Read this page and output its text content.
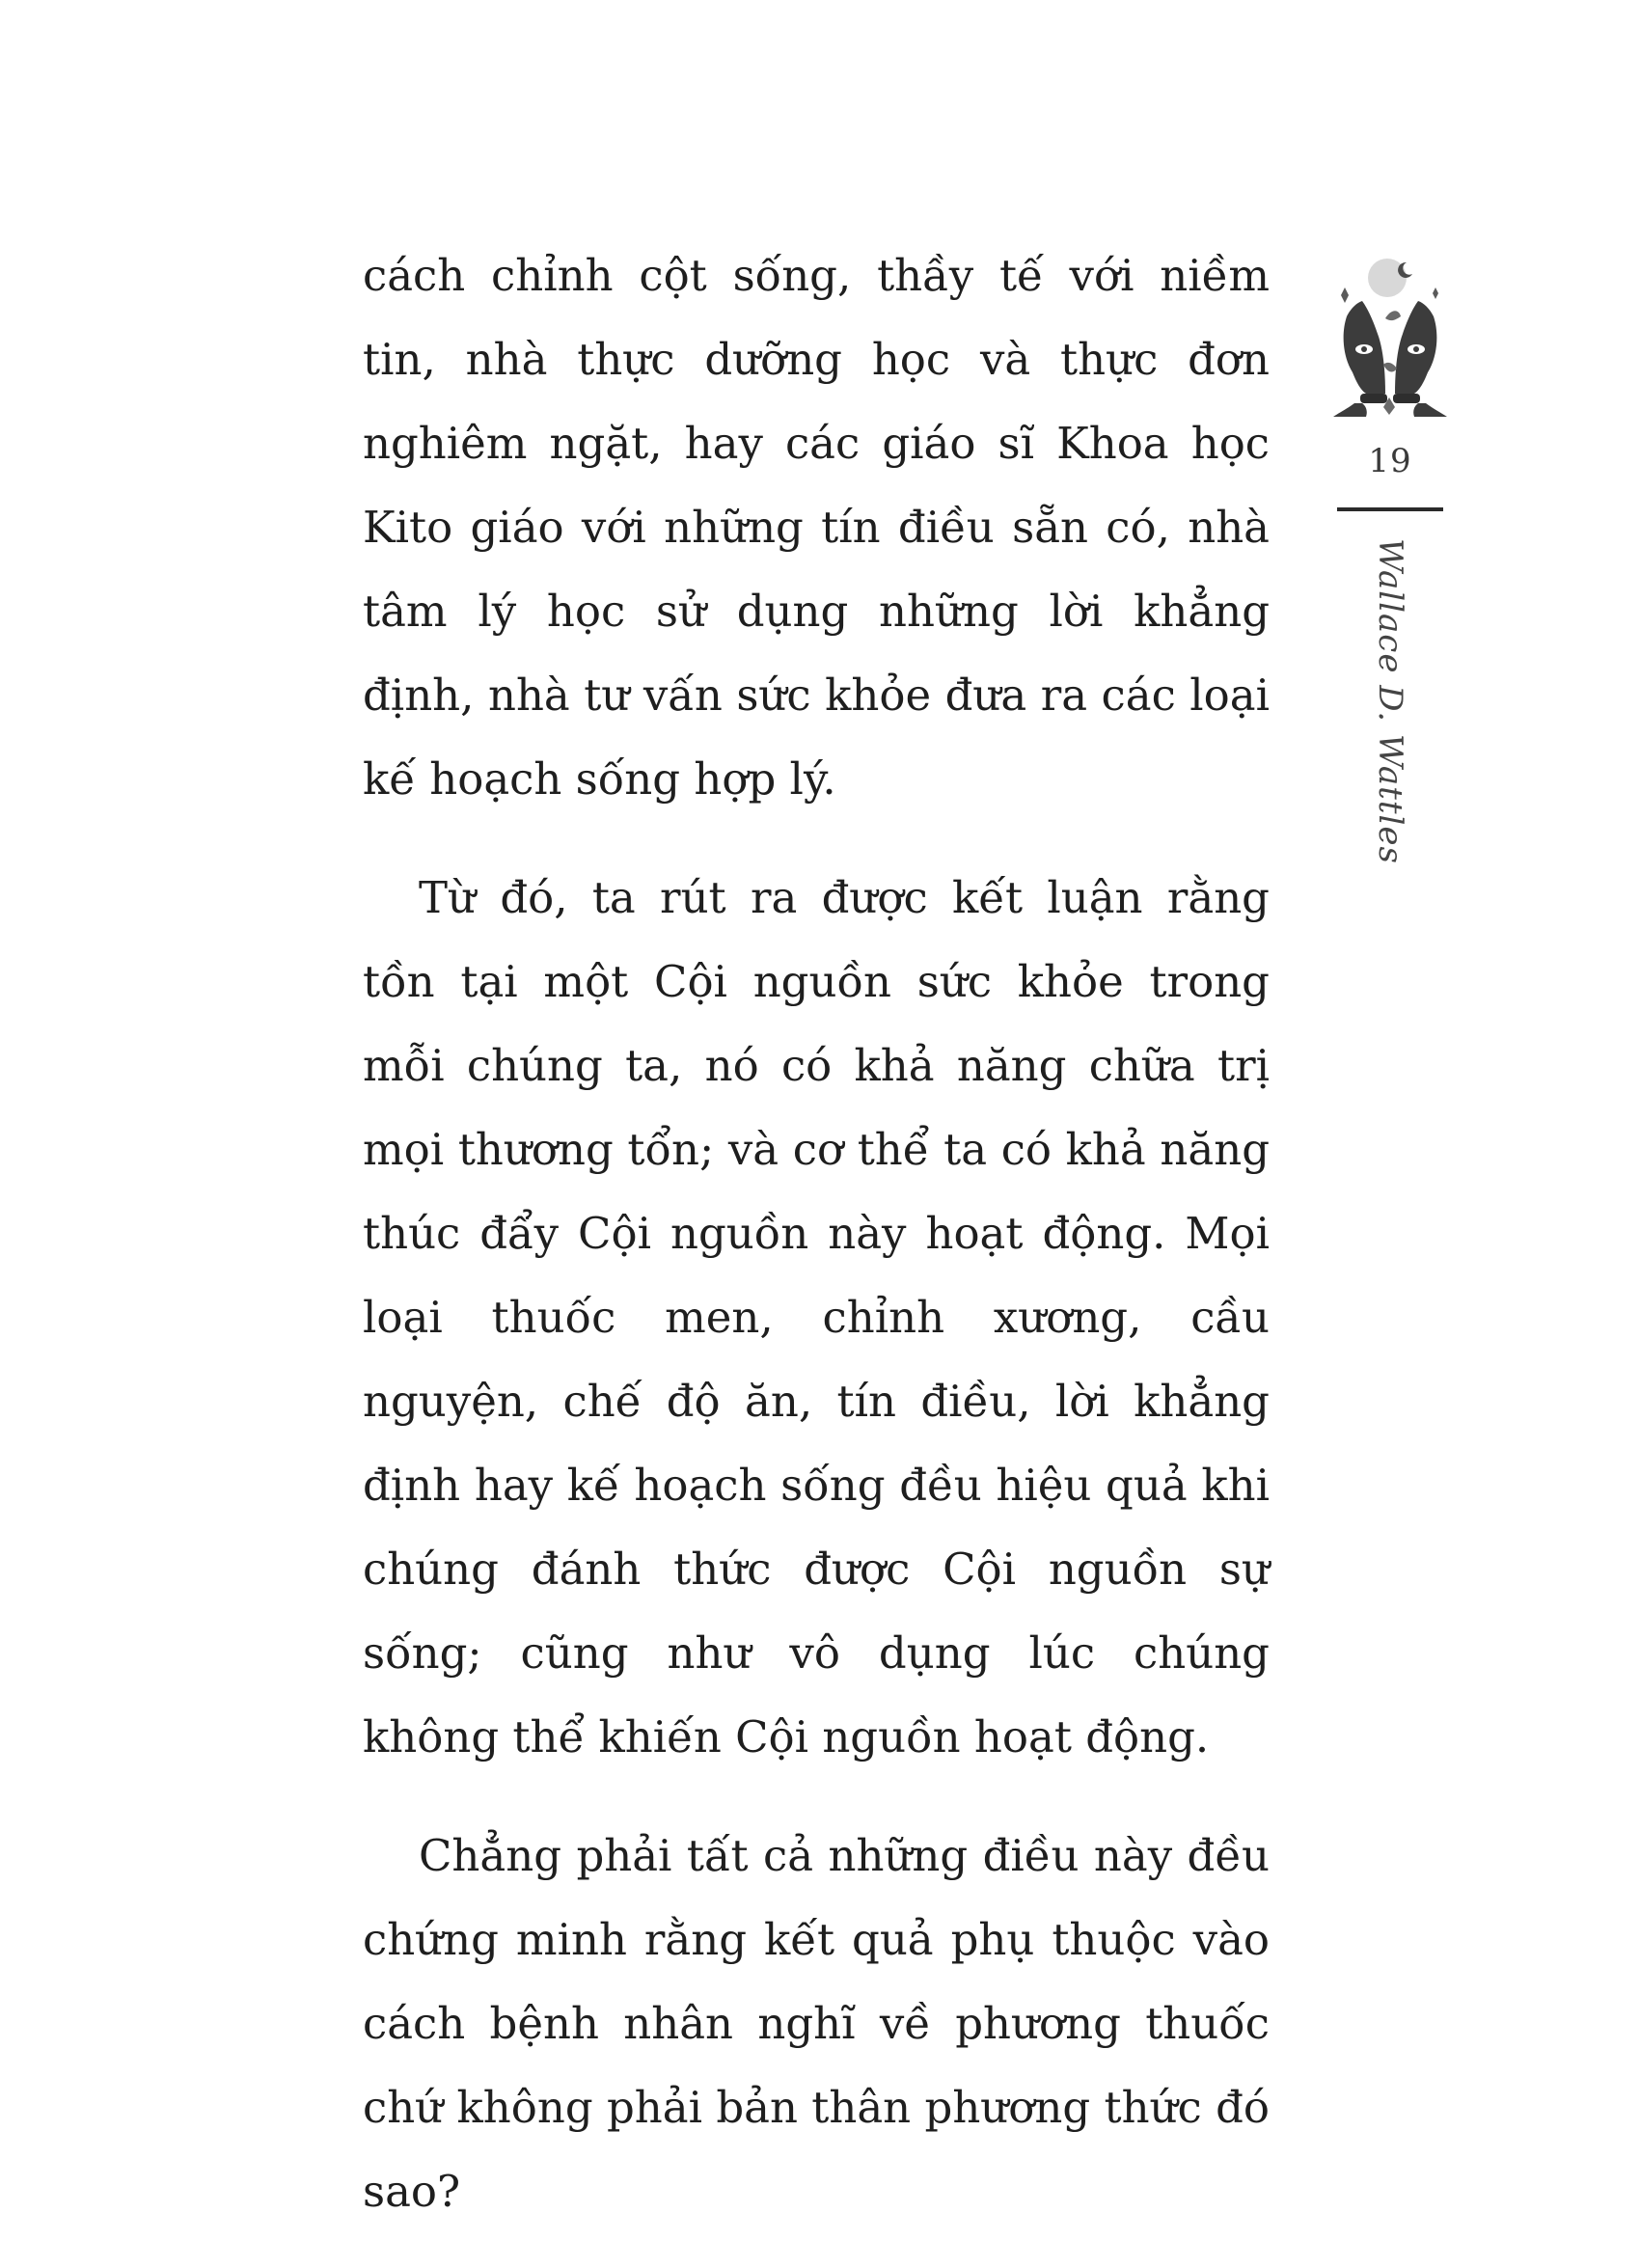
cách chỉnh cột sống, thầy tế với niềm tin, nhà thực dưỡng học và thực đơn nghiêm ngặt, hay các giáo sĩ Khoa học Kito giáo với những tín điều sẵn có, nhà tâm lý học sử dụng những lời khẳng định, nhà tư vấn sức khỏe đưa ra các loại kế hoạch sống hợp lý.

Từ đó, ta rút ra được kết luận rằng tồn tại một Cội nguồn sức khỏe trong mỗi chúng ta, nó có khả năng chữa trị mọi thương tổn; và cơ thể ta có khả năng thúc đẩy Cội nguồn này hoạt động. Mọi loại thuốc men, chỉnh xương, cầu nguyện, chế độ ăn, tín điều, lời khẳng định hay kế hoạch sống đều hiệu quả khi chúng đánh thức được Cội nguồn sự sống; cũng như vô dụng lúc chúng không thể khiến Cội nguồn hoạt động.

Chẳng phải tất cả những điều này đều chứng minh rằng kết quả phụ thuộc vào cách bệnh nhân nghĩ về phương thuốc chứ không phải bản thân phương thức đó sao?

19
Wallace D. Wattles
